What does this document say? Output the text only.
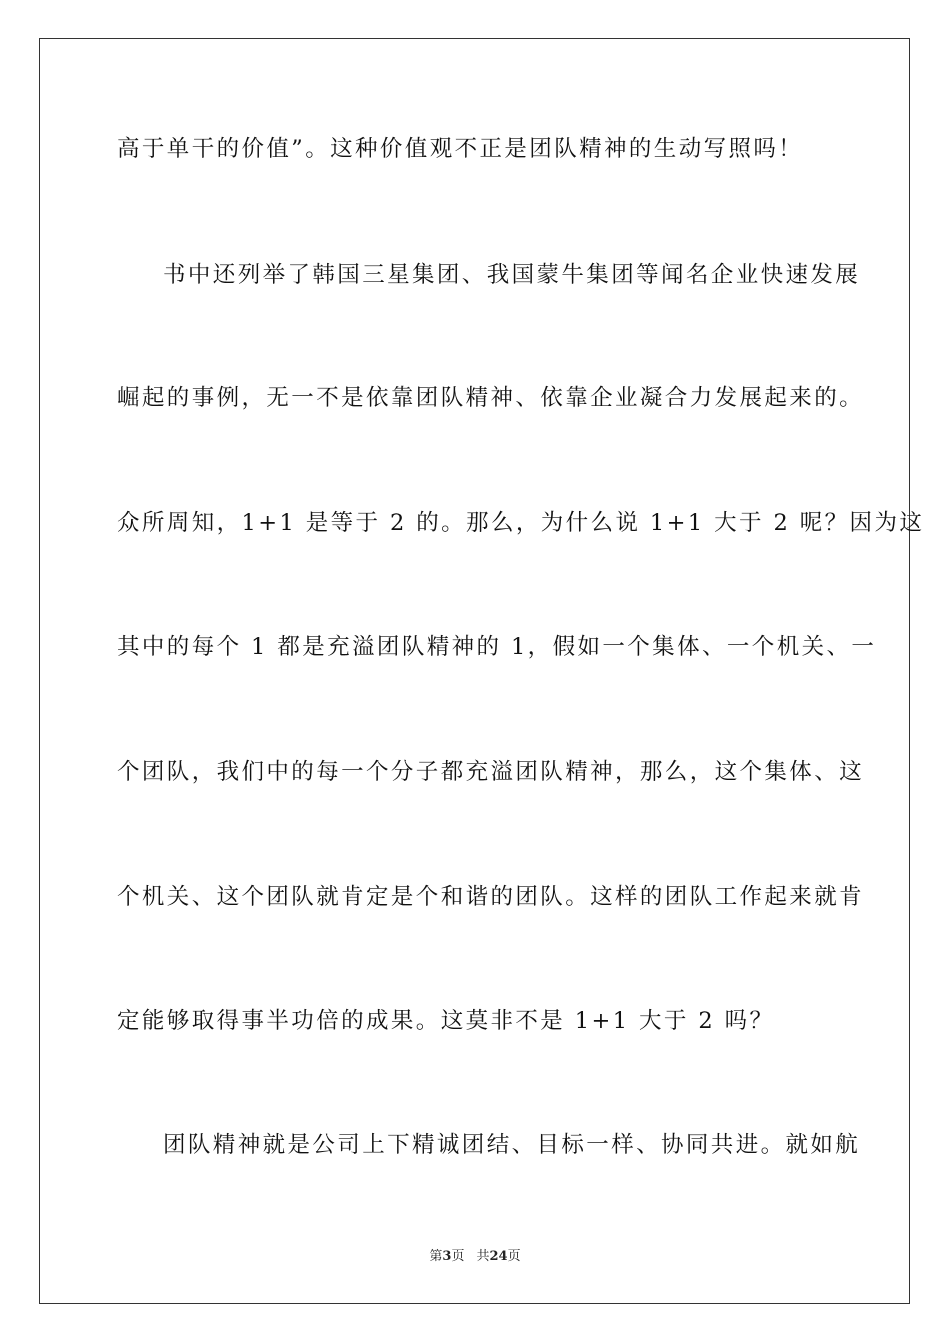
高于单干的价值”。这种价值观不正是团队精神的生动写照吗！
书中还列举了韩国三星集团、我国蒙牛集团等闻名企业快速发展
崛起的事例，无一不是依靠团队精神、依靠企业凝合力发展起来的。
众所周知，1+1 是等于 2 的。那么，为什么说 1+1 大于 2 呢？因为这
其中的每个 1 都是充溢团队精神的 1，假如一个集体、一个机关、一
个团队，我们中的每一个分子都充溢团队精神，那么，这个集体、这
个机关、这个团队就肯定是个和谐的团队。这样的团队工作起来就肯
定能够取得事半功倍的成果。这莫非不是 1+1 大于 2 吗？
团队精神就是公司上下精诚团结、目标一样、协同共进。就如航
第3页 共24页
